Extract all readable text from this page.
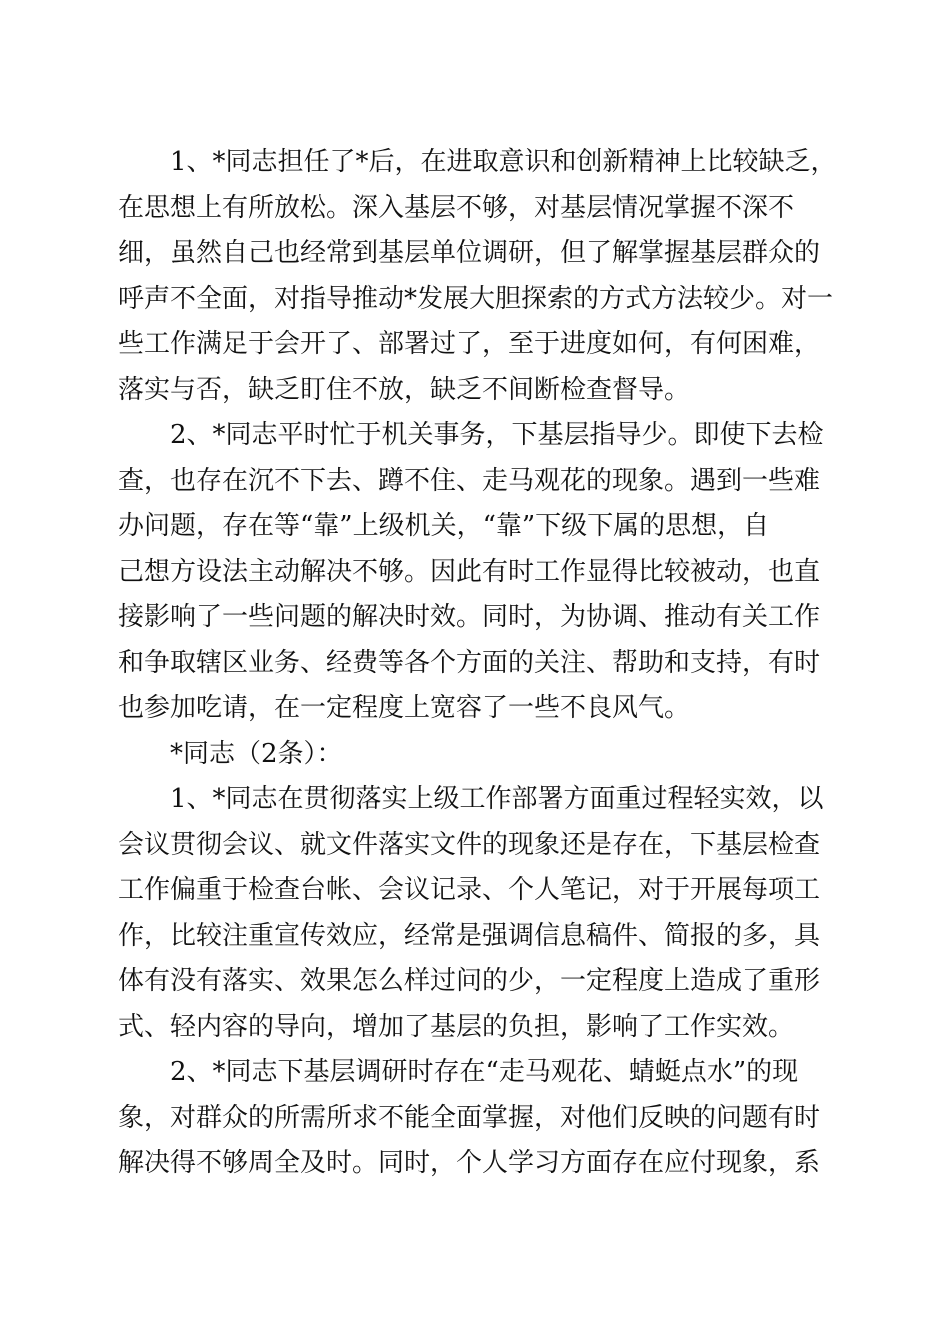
1、*同志担任了*后，在进取意识和创新精神上比较缺乏，
在思想上有所放松。深入基层不够，对基层情况掌握不深不
细，虽然自己也经常到基层单位调研，但了解掌握基层群众的
呼声不全面，对指导推动*发展大胆探索的方式方法较少。对一
些工作满足于会开了、部署过了，至于进度如何，有何困难，
落实与否，缺乏盯住不放，缺乏不间断检查督导。
2、*同志平时忙于机关事务，下基层指导少。即使下去检
查，也存在沉不下去、蹲不住、走马观花的现象。遇到一些难
办问题，存在等“靠”上级机关，“靠”下级下属的思想，自
己想方设法主动解决不够。因此有时工作显得比较被动，也直
接影响了一些问题的解决时效。同时，为协调、推动有关工作
和争取辖区业务、经费等各个方面的关注、帮助和支持，有时
也参加吃请，在一定程度上宽容了一些不良风气。
*同志（2条）：
1、*同志在贯彻落实上级工作部署方面重过程轻实效，以
会议贯彻会议、就文件落实文件的现象还是存在，下基层检查
工作偏重于检查台帐、会议记录、个人笔记，对于开展每项工
作，比较注重宣传效应，经常是强调信息稿件、简报的多，具
体有没有落实、效果怎么样过问的少，一定程度上造成了重形
式、轻内容的导向，增加了基层的负担，影响了工作实效。
2、*同志下基层调研时存在“走马观花、蜻蜓点水”的现
象，对群众的所需所求不能全面掌握，对他们反映的问题有时
解决得不够周全及时。同时，个人学习方面存在应付现象，系
